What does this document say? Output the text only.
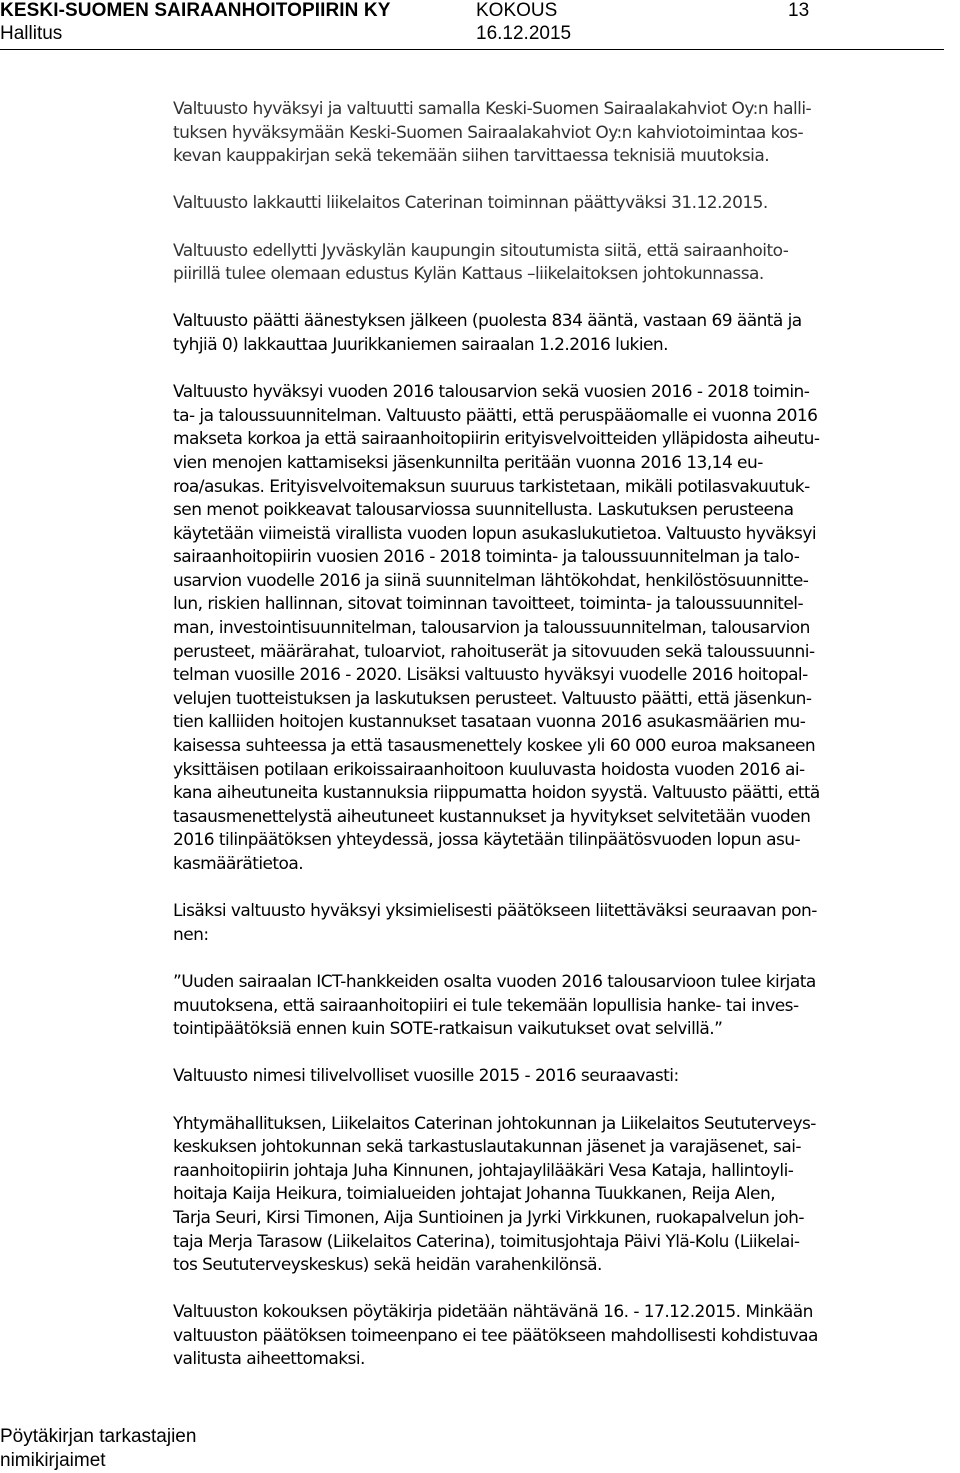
KESKI-SUOMEN SAIRAANHOITOPIIRIN KY
Hallitus
KOKOUS
16.12.2015
13
Valtuusto hyväksyi ja valtuutti samalla Keski-Suomen Sairaalakahviot Oy:n halli-
tuksen hyväksymään Keski-Suomen Sairaalakahviot Oy:n kahviotoimintaa kos-
kevan kauppakirjan sekä tekemään siihen tarvittaessa teknisiä muutoksia.
Valtuusto lakkautti liikelaitos Caterinan toiminnan päättyväksi 31.12.2015.
Valtuusto edellytti Jyväskylän kaupungin sitoutumista siitä, että sairaanhoito-
piirillä tulee olemaan edustus Kylän Kattaus –liikelaitoksen johtokunnassa.
Valtuusto päätti äänestyksen jälkeen (puolesta 834 ääntä, vastaan 69 ääntä ja
tyhjiä 0) lakkauttaa Juurikkaniemen sairaalan 1.2.2016 lukien.
Valtuusto hyväksyi vuoden 2016 talousarvion sekä vuosien 2016 - 2018 toimin-
ta- ja taloussuunnitelman. Valtuusto päätti, että peruspääomalle ei vuonna 2016
makseta korkoa ja että sairaanhoitopiirin erityisvelvoitteiden ylläpidosta aiheutu-
vien menojen kattamiseksi jäsenkunnilta peritään vuonna 2016 13,14 eu-
roa/asukas. Erityisvelvoitemaksun suuruus tarkistetaan, mikäli potilasvakuutuk-
sen menot poikkeavat talousarviossa suunnitellusta. Laskutuksen perusteena
käytetään viimeistä virallista vuoden lopun asukaslukutietoa. Valtuusto hyväksyi
sairaanhoitopiirin vuosien 2016 - 2018 toiminta- ja taloussuunnitelman ja talo-
usarvion vuodelle 2016 ja siinä suunnitelman lähtökohdat, henkilöstösuunnitte-
lun, riskien hallinnan, sitovat toiminnan tavoitteet, toiminta- ja taloussuunnitel-
man, investointisuunnitelman, talousarvion ja taloussuunnitelman, talousarvion
perusteet, määrärahat, tuloarviot, rahoituserät ja sitovuuden sekä taloussuunni-
telman vuosille 2016 - 2020. Lisäksi valtuusto hyväksyi vuodelle 2016 hoitopal-
velujen tuotteistuksen ja laskutuksen perusteet. Valtuusto päätti, että jäsenkun-
tien kalliiden hoitojen kustannukset tasataan vuonna 2016 asukasmäärien mu-
kaisessa suhteessa ja että tasausmenettely koskee yli 60 000 euroa maksaneen
yksittäisen potilaan erikoissairaanhoitoon kuuluvasta hoidosta vuoden 2016 ai-
kana aiheutuneita kustannuksia riippumatta hoidon syystä. Valtuusto päätti, että
tasausmenettelystä aiheutuneet kustannukset ja hyvitykset selvitetään vuoden
2016 tilinpäätöksen yhteydessä, jossa käytetään tilinpäätösvuoden lopun asu-
kasmäärätietoa.
Lisäksi valtuusto hyväksyi yksimielisesti päätökseen liitettäväksi seuraavan pon-
nen:
”Uuden sairaalan ICT-hankkeiden osalta vuoden 2016 talousarvioon tulee kirjata
muutoksena, että sairaanhoitopiiri ei tule tekemään lopullisia hanke- tai inves-
tointipäätöksiä ennen kuin SOTE-ratkaisun vaikutukset ovat selvillä.”
Valtuusto nimesi tilivelvolliset vuosille 2015 - 2016 seuraavasti:
Yhtymähallituksen, Liikelaitos Caterinan johtokunnan ja Liikelaitos Seututerveys-
keskuksen johtokunnan sekä tarkastuslautakunnan jäsenet ja varajäsenet, sai-
raanhoitopiirin johtaja Juha Kinnunen, johtajaylilääkäri Vesa Kataja, hallintoyli-
hoitaja Kaija Heikura, toimialueiden johtajat Johanna Tuukkanen, Reija Alen,
Tarja Seuri, Kirsi Timonen, Aija Suntioinen ja Jyrki Virkkunen, ruokapalvelun joh-
taja Merja Tarasow (Liikelaitos Caterina), toimitusjohtaja Päivi Ylä-Kolu (Liikelai-
tos Seututerveyskeskus) sekä heidän varahenkilönsä.
Valtuuston kokouksen pöytäkirja pidetään nähtävänä 16. - 17.12.2015. Minkään
valtuuston päätöksen toimeenpano ei tee päätökseen mahdollisesti kohdistuvaa
valitusta aiheettomaksi.
Pöytäkirjan tarkastajien
nimikirjaimet
